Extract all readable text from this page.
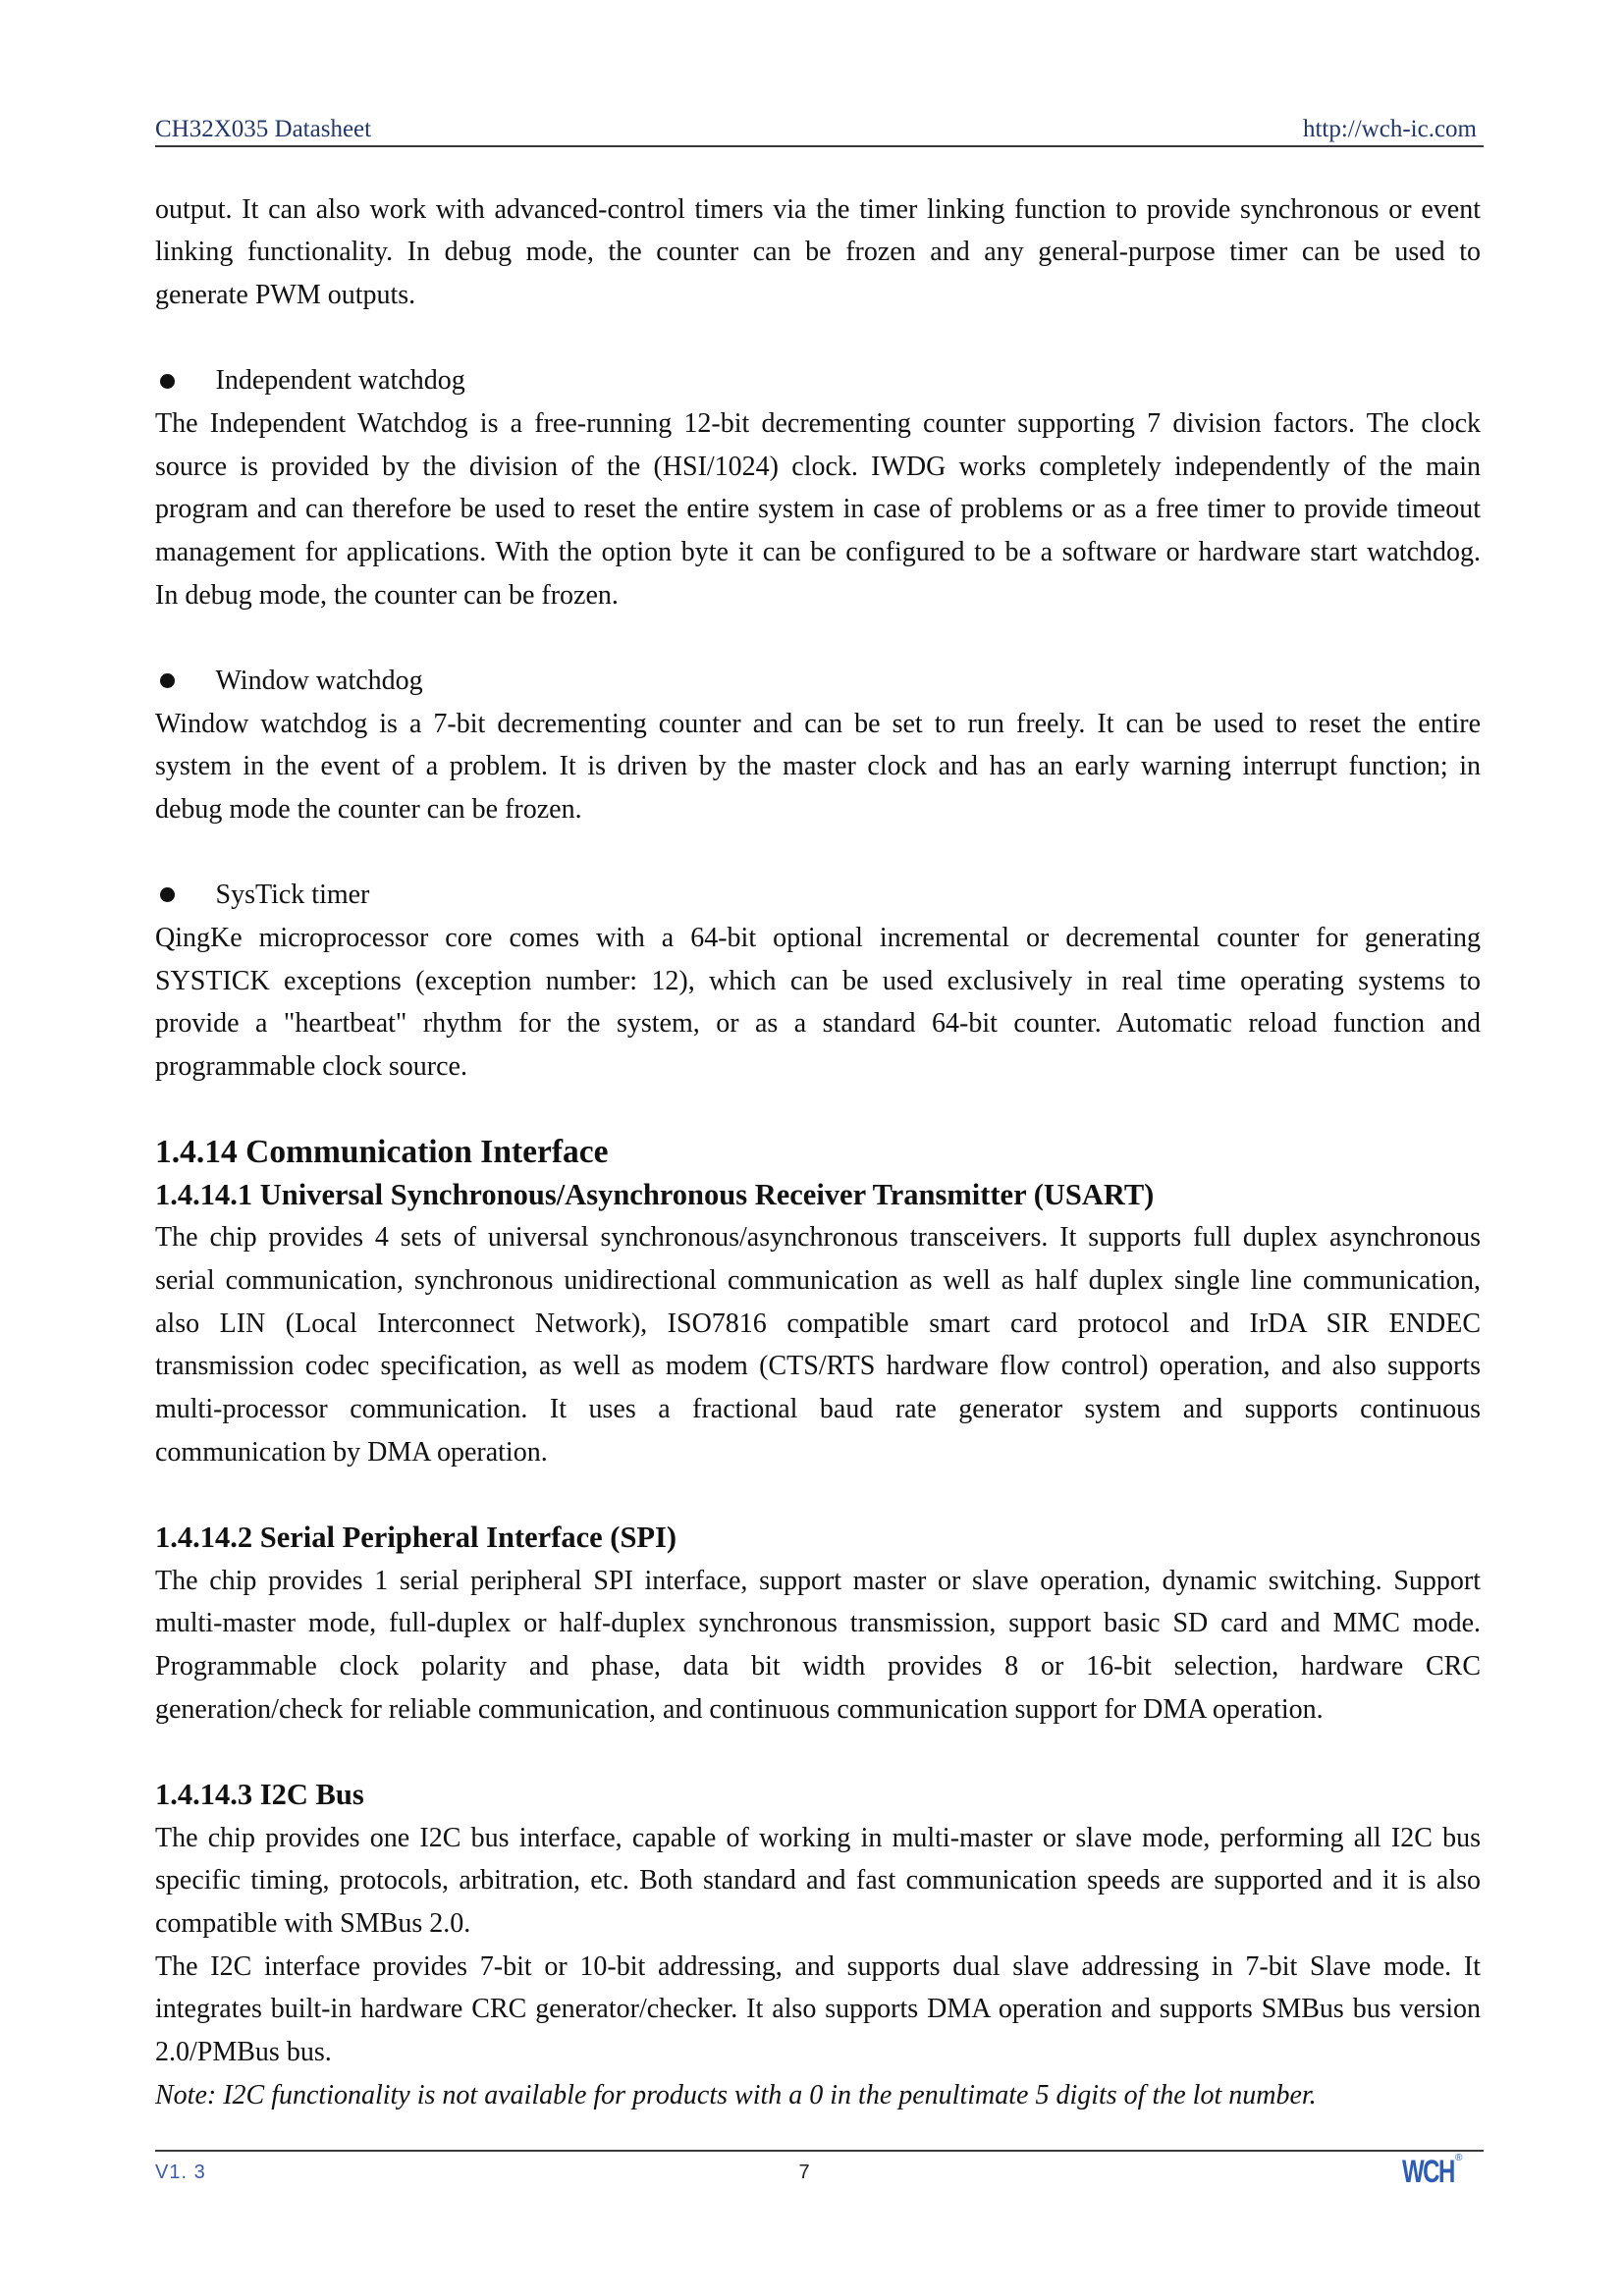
CH32X035 Datasheet	http://wch-ic.com
output. It can also work with advanced-control timers via the timer linking function to provide synchronous or event
linking functionality. In debug mode, the counter can be frozen and any general-purpose timer can be used to
generate PWM outputs.
Independent watchdog
The Independent Watchdog is a free-running 12-bit decrementing counter supporting 7 division factors. The clock
source is provided by the division of the (HSI/1024) clock. IWDG works completely independently of the main
program and can therefore be used to reset the entire system in case of problems or as a free timer to provide timeout
management for applications. With the option byte it can be configured to be a software or hardware start watchdog.
In debug mode, the counter can be frozen.
Window watchdog
Window watchdog is a 7-bit decrementing counter and can be set to run freely. It can be used to reset the entire
system in the event of a problem. It is driven by the master clock and has an early warning interrupt function; in
debug mode the counter can be frozen.
SysTick timer
QingKe microprocessor core comes with a 64-bit optional incremental or decremental counter for generating
SYSTICK exceptions (exception number: 12), which can be used exclusively in real time operating systems to
provide a "heartbeat" rhythm for the system, or as a standard 64-bit counter. Automatic reload function and
programmable clock source.
1.4.14 Communication Interface
1.4.14.1 Universal Synchronous/Asynchronous Receiver Transmitter (USART)
The chip provides 4 sets of universal synchronous/asynchronous transceivers. It supports full duplex asynchronous
serial communication, synchronous unidirectional communication as well as half duplex single line communication,
also LIN (Local Interconnect Network), ISO7816 compatible smart card protocol and IrDA SIR ENDEC
transmission codec specification, as well as modem (CTS/RTS hardware flow control) operation, and also supports
multi-processor communication. It uses a fractional baud rate generator system and supports continuous
communication by DMA operation.
1.4.14.2 Serial Peripheral Interface (SPI)
The chip provides 1 serial peripheral SPI interface, support master or slave operation, dynamic switching. Support
multi-master mode, full-duplex or half-duplex synchronous transmission, support basic SD card and MMC mode.
Programmable clock polarity and phase, data bit width provides 8 or 16-bit selection, hardware CRC
generation/check for reliable communication, and continuous communication support for DMA operation.
1.4.14.3 I2C Bus
The chip provides one I2C bus interface, capable of working in multi-master or slave mode, performing all I2C bus
specific timing, protocols, arbitration, etc. Both standard and fast communication speeds are supported and it is also
compatible with SMBus 2.0.
The I2C interface provides 7-bit or 10-bit addressing, and supports dual slave addressing in 7-bit Slave mode. It
integrates built-in hardware CRC generator/checker. It also supports DMA operation and supports SMBus bus version
2.0/PMBus bus.
Note: I2C functionality is not available for products with a 0 in the penultimate 5 digits of the lot number.
V1. 3	7	WCH ®
